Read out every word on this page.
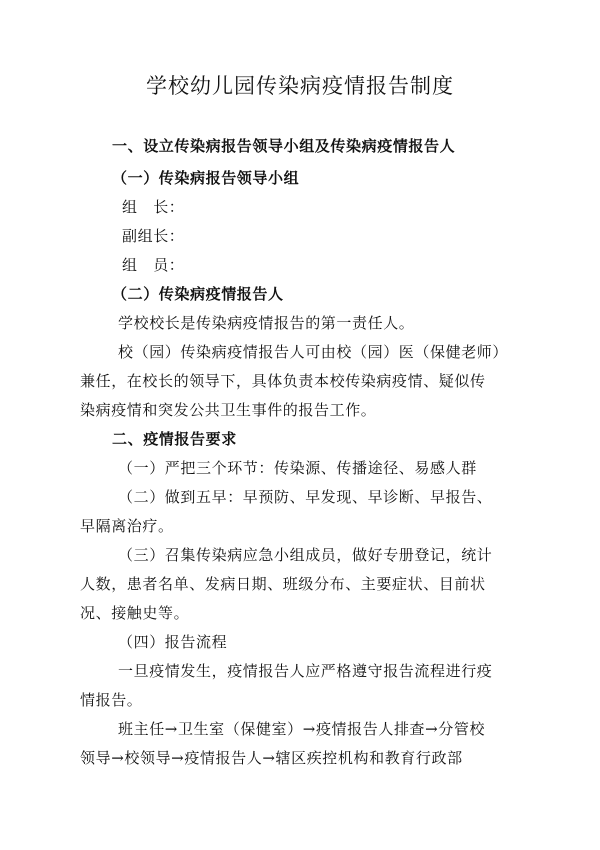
学校幼儿园传染病疫情报告制度
一、设立传染病报告领导小组及传染病疫情报告人
（一）传染病报告领导小组
组　长：
副组长：
组　员：
（二）传染病疫情报告人
学校校长是传染病疫情报告的第一责任人。
校（园）传染病疫情报告人可由校（园）医（保健老师）
兼任，在校长的领导下，具体负责本校传染病疫情、疑似传
染病疫情和突发公共卫生事件的报告工作。
二、疫情报告要求
（一）严把三个环节：传染源、传播途径、易感人群
（二）做到五早：早预防、早发现、早诊断、早报告、
早隔离治疗。
（三）召集传染病应急小组成员，做好专册登记，统计
人数，患者名单、发病日期、班级分布、主要症状、目前状
况、接触史等。
（四）报告流程
一旦疫情发生，疫情报告人应严格遵守报告流程进行疫
情报告。
班主任→卫生室（保健室）→疫情报告人排查→分管校
领导→校领导→疫情报告人→辖区疾控机构和教育行政部
